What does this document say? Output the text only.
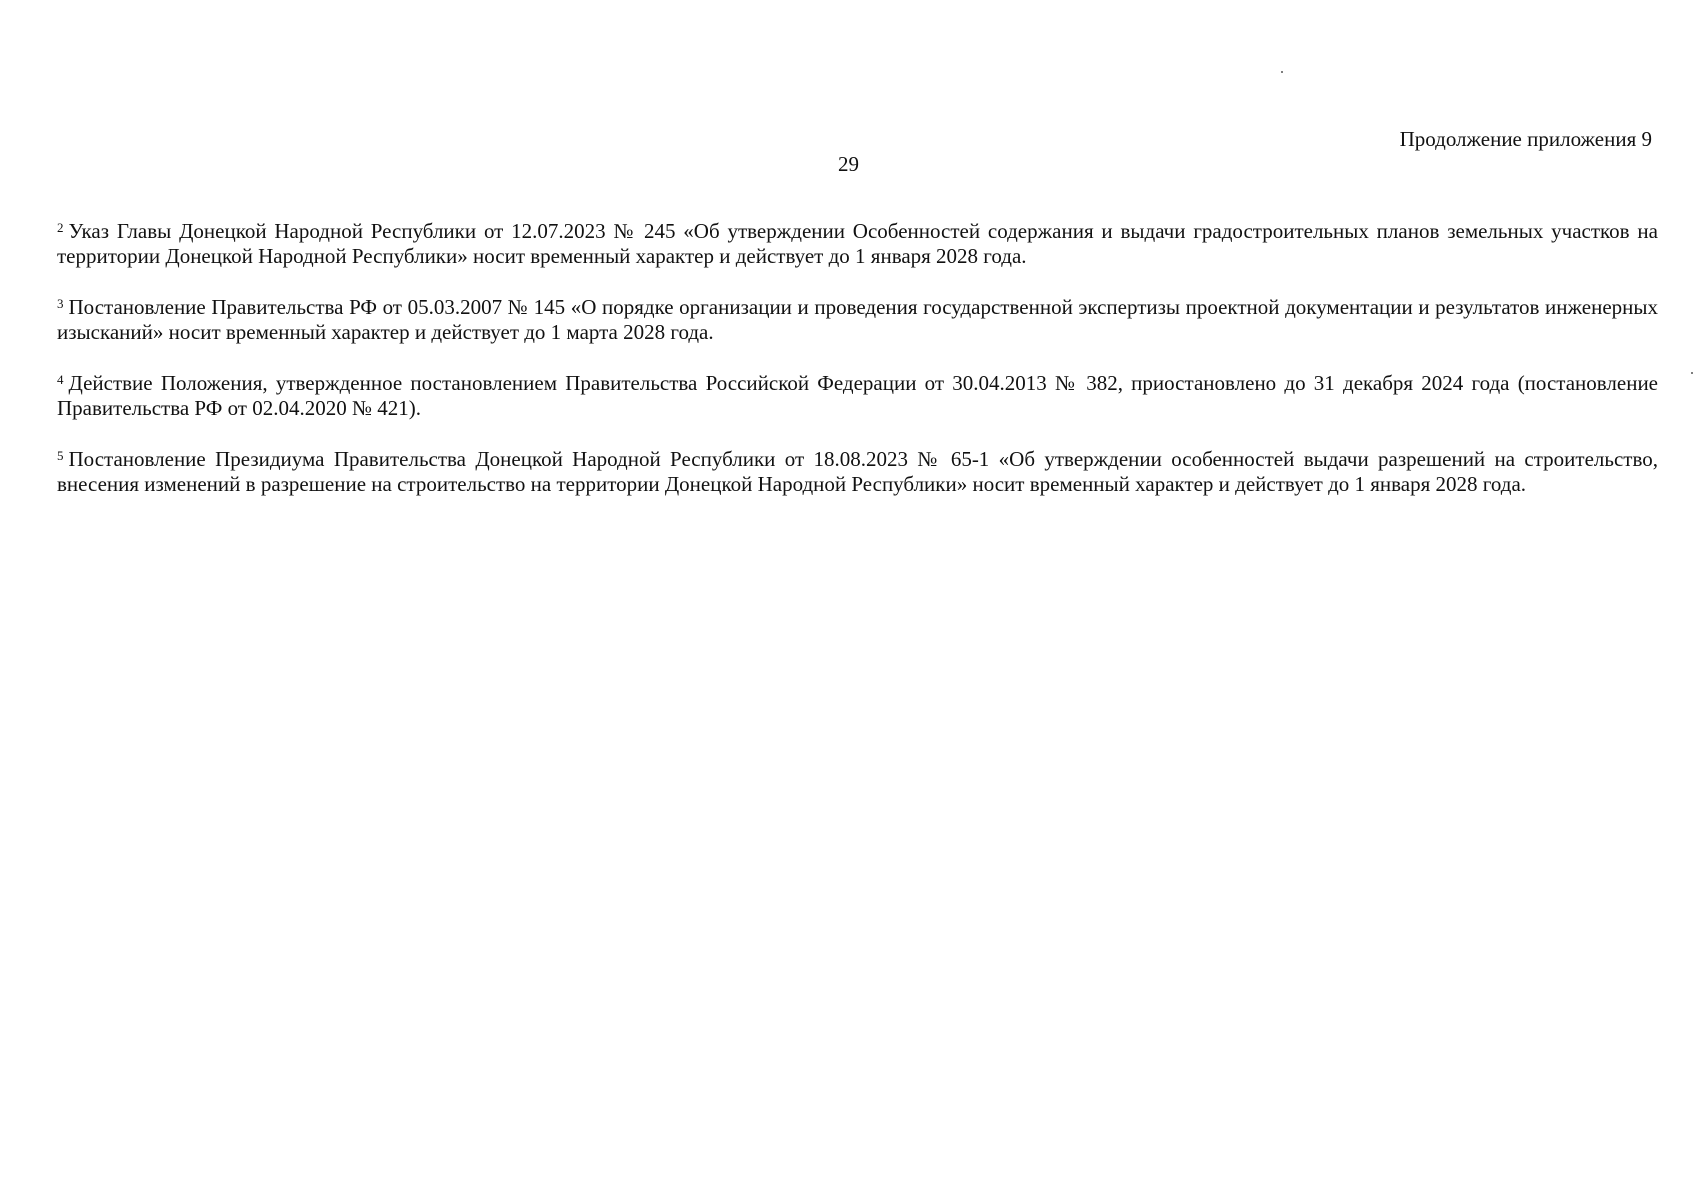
Продолжение приложения 9
29

$^2$ Указ Главы Донецкой Народной Республики от 12.07.2023 № 245 «Об утверждении Особенностей содержания и выдачи градостроительных планов земельных участков на территории Донецкой Народной Республики» носит временный характер и действует до 1 января 2028 года.

$^3$ Постановление Правительства РФ от 05.03.2007 № 145 «О порядке организации и проведения государственной экспертизы проектной документации и результатов инженерных изысканий» носит временный характер и действует до 1 марта 2028 года.

$^4$ Действие Положения, утвержденное постановлением Правительства Российской Федерации от 30.04.2013 № 382, приостановлено до 31 декабря 2024 года (постановление Правительства РФ от 02.04.2020 № 421).

$^5$ Постановление Президиума Правительства Донецкой Народной Республики от 18.08.2023 № 65-1 «Об утверждении особенностей выдачи разрешений на строительство, внесения изменений в разрешение на строительство на территории Донецкой Народной Республики» носит временный характер и действует до 1 января 2028 года.
